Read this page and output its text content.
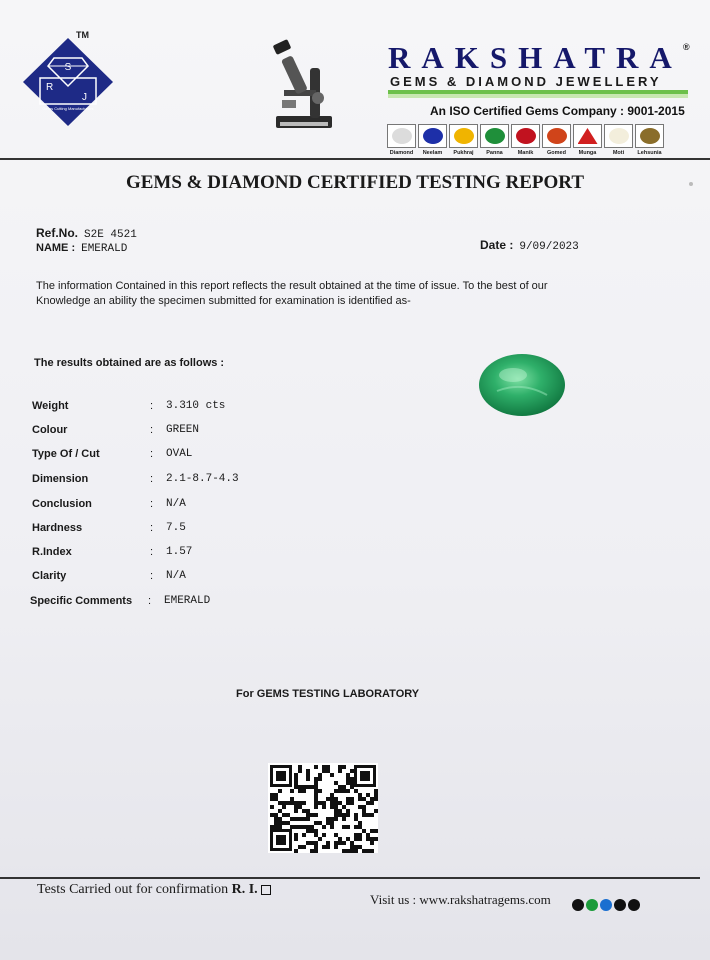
S
R
J
Gems Cutting Manufacturers
TM
RAKSHATRA ®
GEMS & DIAMOND JEWELLERY
An ISO Certified Gems Company : 9001-2015
Diamond Neelam Pukhraj Panna	Manik Gomed Munga	Moti Lehsunia
GEMS & DIAMOND CERTIFIED TESTING REPORT
Ref.No. S2E 4521
NAME : EMERALD	Date : 9/09/2023
The information Contained in this report reflects the result obtained at the time of issue. To the best of our
Knowledge an ability the specimen submitted for examination is identified as-
The results obtained are as follows :
Weight	: 3.310 cts
Colour	: GREEN
Type Of / Cut	: OVAL
Dimension	: 2.1-8.7-4.3
Conclusion	: N/A
Hardness	: 7.5
R.Index	: 1.57
Clarity	: N/A
Specific Comments : EMERALD
For GEMS TESTING LABORATORY
Tests Carried out for confirmation R. I.
Visit us : www.rakshatragems.com
